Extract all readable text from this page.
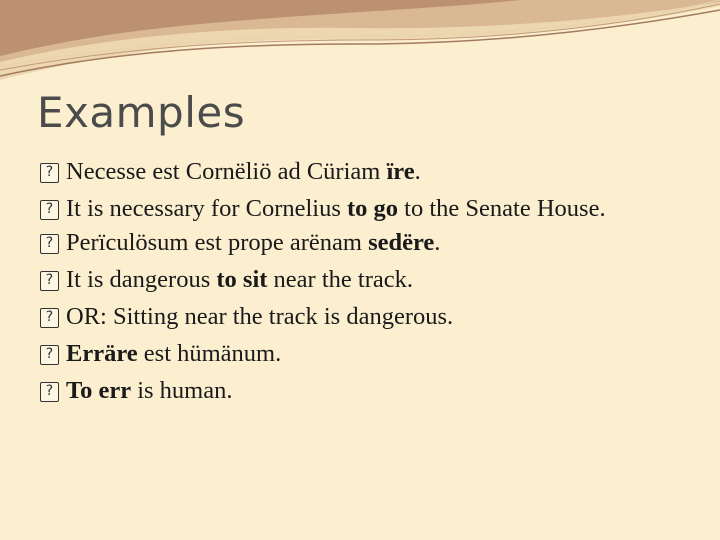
Examples
?
Necesse est Cornëliö ad Cüriam ïre.
?
It is necessary for Cornelius to go to the Senate House.
?
Perïculösum est prope arënam sedëre.
?
It is dangerous to sit near the track.
?
OR: Sitting near the track is dangerous.
?
Erräre est hümänum.
?
To err is human.
